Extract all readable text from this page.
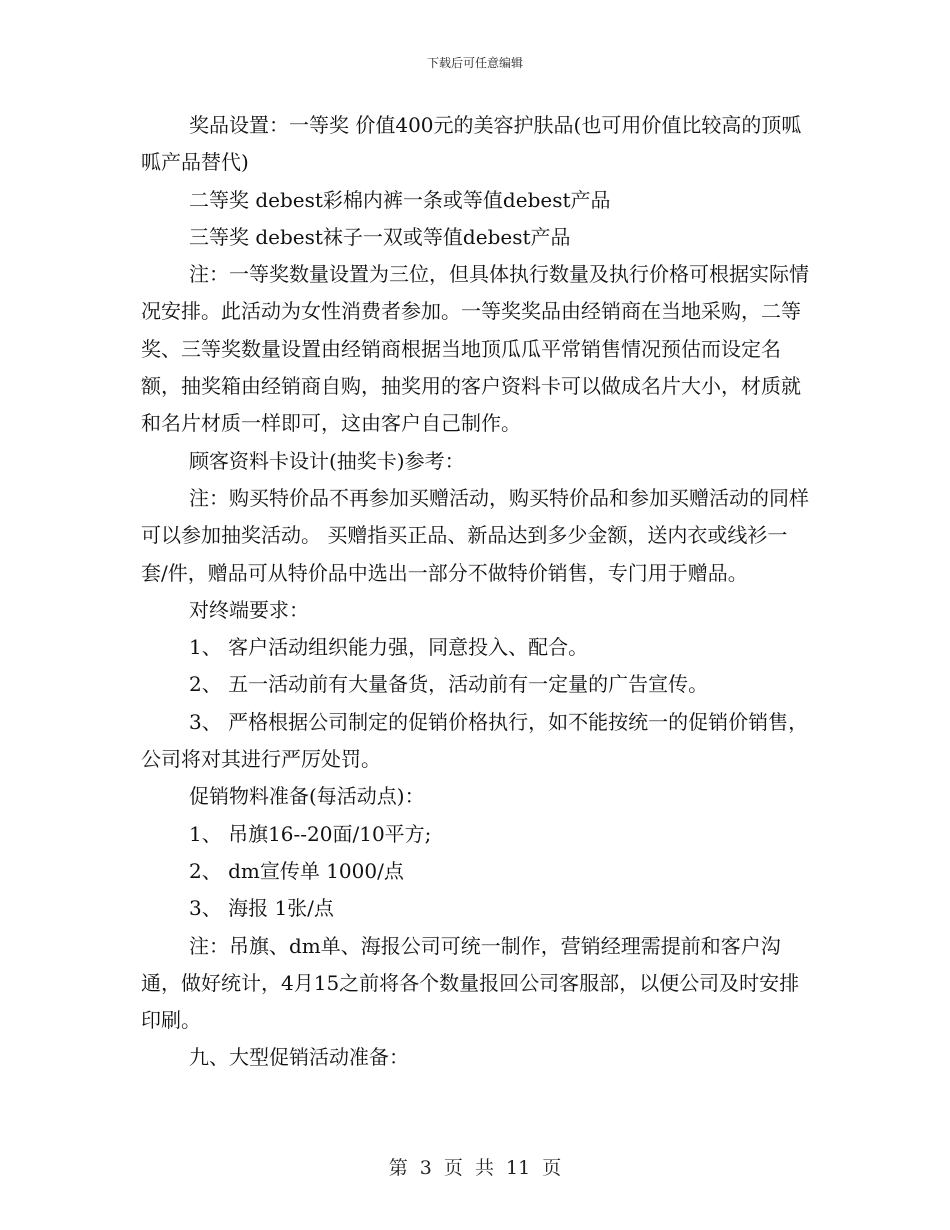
下载后可任意编辑

奖品设置：一等奖 价值400元的美容护肤品(也可用价值比较高的顶呱呱产品替代)

二等奖 debest彩棉内裤一条或等值debest产品

三等奖 debest袜子一双或等值debest产品

注：一等奖数量设置为三位，但具体执行数量及执行价格可根据实际情况安排。此活动为女性消费者参加。一等奖奖品由经销商在当地采购，二等奖、三等奖数量设置由经销商根据当地顶瓜瓜平常销售情况预估而设定名额，抽奖箱由经销商自购，抽奖用的客户资料卡可以做成名片大小，材质就和名片材质一样即可，这由客户自己制作。

顾客资料卡设计(抽奖卡)参考：

注：购买特价品不再参加买赠活动，购买特价品和参加买赠活动的同样可以参加抽奖活动。 买赠指买正品、新品达到多少金额，送内衣或线衫一套/件，赠品可从特价品中选出一部分不做特价销售，专门用于赠品。

对终端要求：

1、 客户活动组织能力强，同意投入、配合。

2、 五一活动前有大量备货，活动前有一定量的广告宣传。

3、 严格根据公司制定的促销价格执行，如不能按统一的促销价销售，公司将对其进行严厉处罚。

促销物料准备(每活动点)：

1、 吊旗16--20面/10平方;

2、 dm宣传单 1000/点

3、 海报 1张/点

注：吊旗、dm单、海报公司可统一制作，营销经理需提前和客户沟通，做好统计，4月15之前将各个数量报回公司客服部，以便公司及时安排印刷。

九、大型促销活动准备：

第 3 页 共 11 页
